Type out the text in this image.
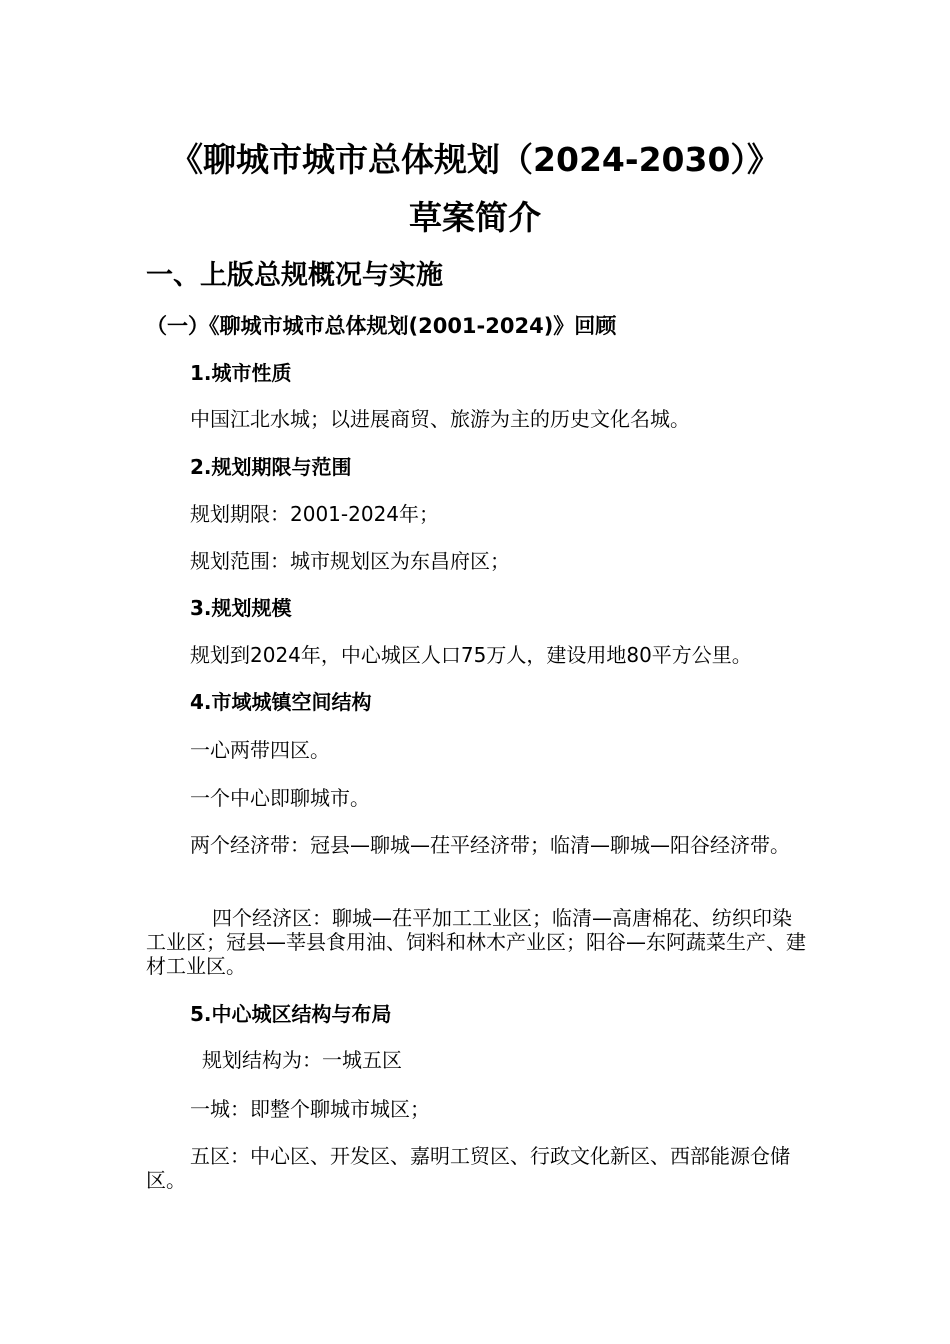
《聊城市城市总体规划（2024-2030）》
草案简介
一、上版总规概况与实施
（一）《聊城市城市总体规划(2001-2024)》回顾
1.城市性质
中国江北水城；以进展商贸、旅游为主的历史文化名城。
2.规划期限与范围
规划期限：2001-2024年；
规划范围：城市规划区为东昌府区；
3.规划规模
规划到2024年，中心城区人口75万人，建设用地80平方公里。
4.市域城镇空间结构
一心两带四区。
一个中心即聊城市。
两个经济带：冠县—聊城—茌平经济带；临清—聊城—阳谷经济带。
四个经济区：聊城—茌平加工工业区；临清—高唐棉花、纺织印染工业区；冠县—莘县食用油、饲料和林木产业区；阳谷—东阿蔬菜生产、建材工业区。
5.中心城区结构与布局
规划结构为：一城五区
一城：即整个聊城市城区；
五区：中心区、开发区、嘉明工贸区、行政文化新区、西部能源仓储区。
